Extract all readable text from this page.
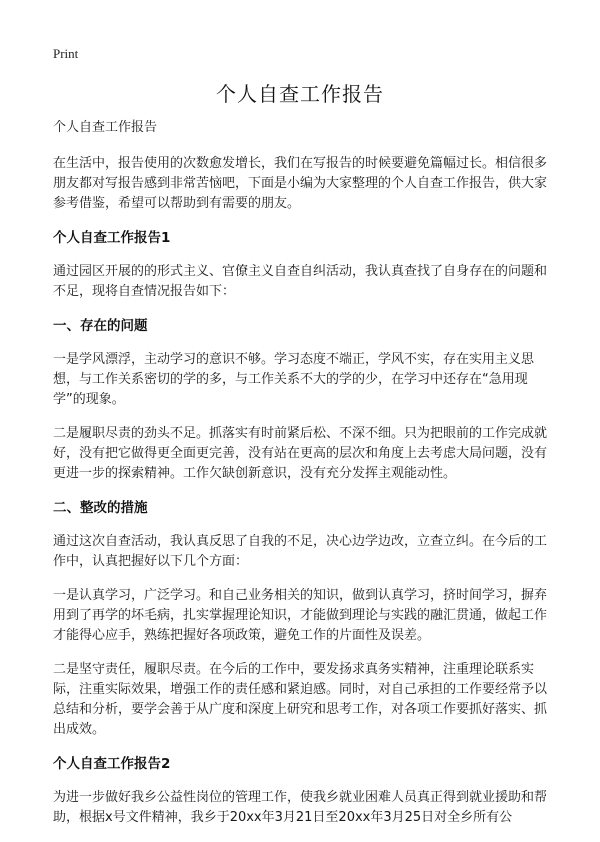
Print
个人自查工作报告

个人自查工作报告

在生活中，报告使用的次数愈发增长，我们在写报告的时候要避免篇幅过长。相信很多朋友都对写报告感到非常苦恼吧，下面是小编为大家整理的个人自查工作报告，供大家参考借鉴，希望可以帮助到有需要的朋友。

个人自查工作报告1

通过园区开展的的形式主义、官僚主义自查自纠活动，我认真查找了自身存在的问题和不足，现将自查情况报告如下：

一、存在的问题

一是学风漂浮，主动学习的意识不够。学习态度不端正，学风不实，存在实用主义思想，与工作关系密切的学的多，与工作关系不大的学的少，在学习中还存在“急用现学”的现象。

二是履职尽责的劲头不足。抓落实有时前紧后松、不深不细。只为把眼前的工作完成就好，没有把它做得更全面更完善，没有站在更高的层次和角度上去考虑大局问题，没有更进一步的探索精神。工作欠缺创新意识，没有充分发挥主观能动性。

二、整改的措施

通过这次自查活动，我认真反思了自我的不足，决心边学边改，立查立纠。在今后的工作中，认真把握好以下几个方面：

一是认真学习，广泛学习。和自己业务相关的知识，做到认真学习，挤时间学习，摒弃用到了再学的坏毛病，扎实掌握理论知识，才能做到理论与实践的融汇贯通，做起工作才能得心应手，熟练把握好各项政策，避免工作的片面性及误差。

二是坚守责任，履职尽责。在今后的工作中，要发扬求真务实精神，注重理论联系实际，注重实际效果，增强工作的责任感和紧迫感。同时，对自己承担的工作要经常予以总结和分析，要学会善于从广度和深度上研究和思考工作，对各项工作要抓好落实、抓出成效。

个人自查工作报告2

为进一步做好我乡公益性岗位的管理工作，使我乡就业困难人员真正得到就业援助和帮助，根据x号文件精神，我乡于20xx年3月21日至20xx年3月25日对全乡所有公
